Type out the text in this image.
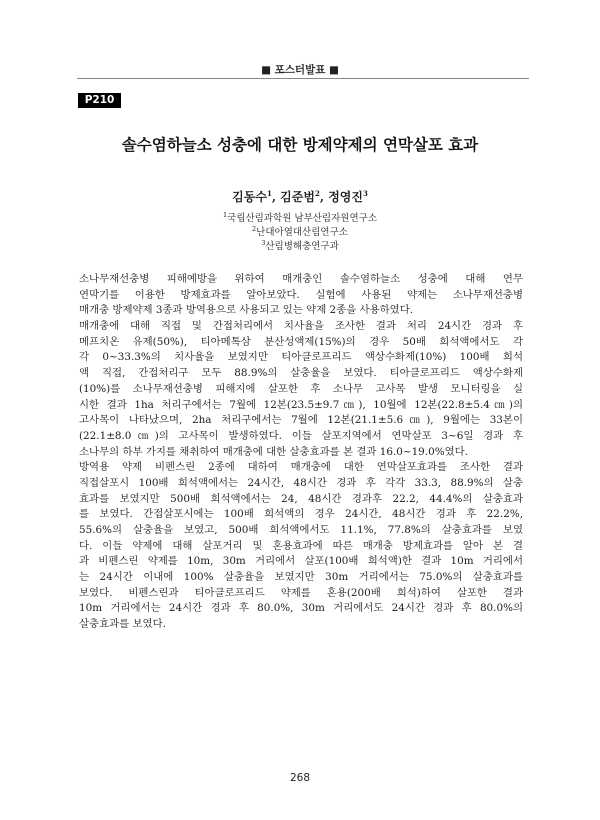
■ 포스터발표 ■
P210
솔수염하늘소 성충에 대한 방제약제의 연막살포 효과
김동수$^1$, 김준범$^2$, 정영진$^3$
$^1$국립산림과학원 남부산림자원연구소
$^2$난대아열대산림연구소
$^3$산림병해충연구과
소나무재선충병 피해예방을 위하여 매개충인 솔수염하늘소 성충에 대해 연무
연막기를 이용한 방제효과를 알아보았다. 실험에 사용된 약제는 소나무재선충병
매개충 방제약제 3종과 방역용으로 사용되고 있는 약제 2종을 사용하였다.
매개충에 대해 직접 및 간접처리에서 치사율을 조사한 결과 처리 24시간 경과 후
메프치온 유제(50%), 티아메톡삼 분산성액제(15%)의 경우 50배 희석액에서도 각
각 0~33.3%의 치사율을 보였지만 티아클로프리드 액상수화제(10%) 100배 희석
액 직접, 간접처리구 모두 88.9%의 살충율을 보였다. 티아클로프리드 액상수화제
(10%)를 소나무재선충병 피해지에 살포한 후 소나무 고사목 발생 모니터링을 실
시한 결과 1ha 처리구에서는 7월에 12본(23.5±9.7㎝), 10월에 12본(22.8±5.4㎝)의
고사목이 나타났으며, 2ha 처리구에서는 7월에 12본(21.1±5.6㎝), 9월에는 33본이
(22.1±8.0㎝)의 고사목이 발생하였다. 이들 살포지역에서 연막살포 3~6일 경과 후
소나무의 하부 가지를 채취하여 매개충에 대한 살충효과를 본 결과 16.0~19.0%였다.
방역용 약제 비펜스린 2종에 대하여 매개충에 대한 연막살포효과를 조사한 결과
직접살포시 100배 희석액에서는 24시간, 48시간 경과 후 각각 33.3, 88.9%의 살충
효과를 보였지만 500배 희석액에서는 24, 48시간 경과후 22.2, 44.4%의 살충효과
를 보였다. 간접살포시에는 100배 희석액의 경우 24시간, 48시간 경과 후 22.2%,
55.6%의 살충율을 보였고, 500배 희석액에서도 11.1%, 77.8%의 살충효과를 보였
다. 이들 약제에 대해 살포거리 및 혼용효과에 따른 매개충 방제효과를 알아 본 결
과 비펜스린 약제를 10m, 30m 거리에서 살포(100배 희석액)한 결과 10m 거리에서
는 24시간 이내에 100% 살충율을 보였지만 30m 거리에서는 75.0%의 살충효과를
보였다. 비펜스린과 티아클로프리드 약제를 혼용(200배 희석)하여 살포한 결과
10m 거리에서는 24시간 경과 후 80.0%, 30m 거리에서도 24시간 경과 후 80.0%의
살충효과를 보였다.
268
